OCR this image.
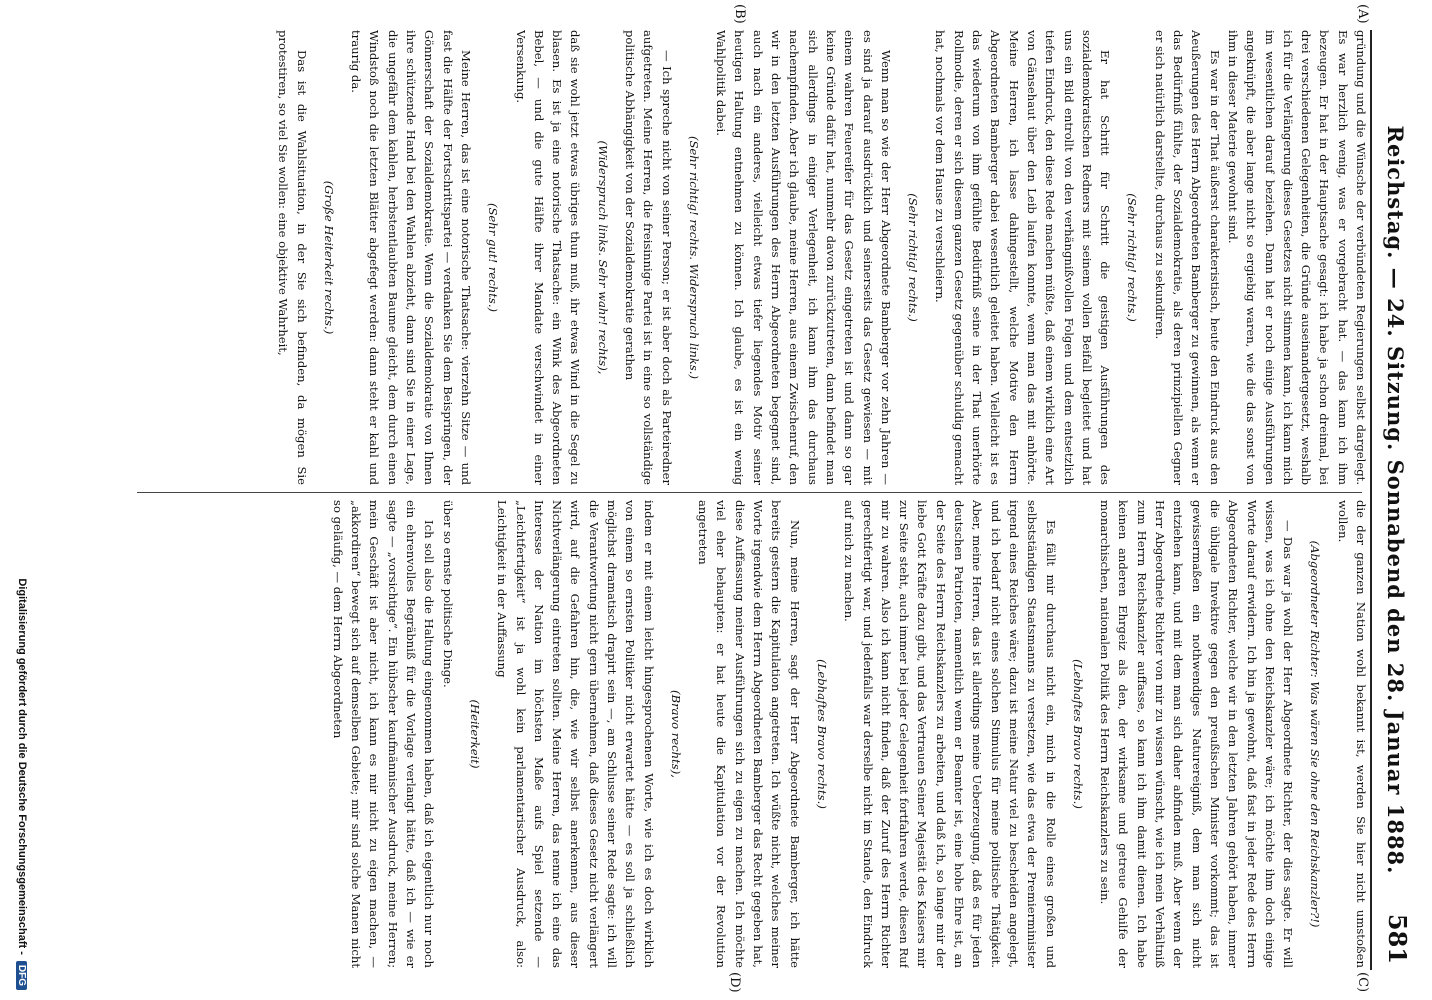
Reichstag. — 24. Sitzung. Sonnabend den 28. Januar 1888.
581
(A)
(B)
(C)
(D)

gründung und die Wünsche der verbündeten Regierungen selbst dargelegt. Es war herzlich wenig, was er vorgebracht hat. — das kann ich ihm bezeugen. Er hat in der Hauptsache gesagt: ich habe ja schon dreimal, bei drei verschiedenen Gelegenheiten, die Gründe auseinandergesetzt, weshalb ich für die Verlängerung dieses Gesetzes nicht stimmen kann, ich kann mich im wesentlichen darauf beziehen. Dann hat er noch einige Ausführungen angeknüpft, die aber lange nicht so ergiebig waren, wie die das sonst von ihm in dieser Materie gewohnt sind.

Es war in der That äußerst charakteristisch, heute den Eindruck aus den Aeußerungen des Herrn Abgeordneten Bamberger zu gewinnen, als wenn er das Bedürfniß fühlte, der Sozialdemokratie, als deren prinzipiellen Gegner er sich natürlich darstellte, durchaus zu sekundiren.

(Sehr richtig! rechts.)

Er hat Schritt für Schritt die geistigen Ausführungen des sozialdemokratischen Redners mit seinem vollen Beifall begleitet und hat uns ein Bild entrollt von den verhängnißvollen Folgen und dem entsetzlich tiefen Eindruck, den diese Rede machen müßte, daß einem wirklich eine Art von Gänsehaut über den Leib laufen konnte, wenn man das mit anhörte. Meine Herren, ich lasse dahingestellt, welche Motive den Herrn Abgeordneten Bamberger dabei wesentlich geleitet haben. Vielleicht ist es das wiederum von ihm gefühlte Bedürfniß seine in der That unerhörte Rollmodie, deren er sich diesem ganzen Gesetz gegenüber schuldig gemacht hat, nochmals vor dem Hause zu verschleiern.

(Sehr richtig! rechts.)

Wenn man so wie der Herr Abgeordnete Bamberger vor zehn Jahren — es sind ja darauf ausdrücklich und seinerseits das Gesetz gewiesen — mit einem wahren Feuereifer für das Gesetz eingetreten ist und dann so gar keine Gründe dafür hat, nunmehr davon zurückzutreten, dann befindet man sich allerdings in einiger Verlegenheit, ich kann ihm das durchaus nachempfinden. Aber ich glaube, meine Herren, aus einem Zwischenruf, den wir in den letzten Ausführungen des Herrn Abgeordneten begegnet sind, auch nach ein anderes, vielleicht etwas tiefer liegendes Motiv seiner heutigen Haltung entnehmen zu können. Ich glaube, es ist ein wenig Wahlpolitik dabei.

(Sehr richtig! rechts. Widerspruch links.)

— Ich spreche nicht von seiner Person; er ist aber doch als Parteiredner aufgetreten. Meine Herren, die freisinnige Partei ist in eine so vollständige politische Abhängigkeit von der Sozialdemokratie gerathen

(Widerspruch links. Sehr wahr! rechts),

daß sie wohl jetzt etwas übriges thun muß, ihr etwas Wind in die Segel zu blasen. Es ist ja eine notorische Thatsache: ein Wink des Abgeordneten Bebel, — und die gute Hälfte ihrer Mandate verschwindet in einer Versenkung.

(Sehr gut! rechts.)

Meine Herren, das ist eine notorische Thatsache: vierzehn Sitze — und fast die Hälfte der Fortschrittspartei — verdanken Sie dem Beispringen, der Gönnerschaft der Sozialdemokratie. Wenn die Sozialdemokratie von Ihnen ihre schützende Hand bei den Wahlen abzieht, dann sind Sie in einer Lage, die ungefähr dem kahlen, herbstentlaubten Baume gleicht, dem durch einen Windstoß noch die letzten Blätter abgefegt werden: dann steht er kahl und traurig da.

(Große Heiterkeit rechts.)

Das ist die Wahlsituation, in der Sie sich befinden, da mögen Sie protestiren, so viel Sie wollen: eine objektive Wahrheit,

die der ganzen Nation wohl bekannt ist, werden Sie hier nicht umstoßen wollen.

(Abgeordneter Richter: Was wären Sie ohne den Reichskanzler?!)

— Das war ja wohl der Herr Abgeordnete Richter, der dies sagte. Er will wissen, was ich ohne den Reichskanzler wäre; ich möchte ihm doch einige Worte darauf erwidern. Ich bin ja gewohnt, daß fast in jeder Rede des Herrn Abgeordneten Richter, welche wir in den letzten Jahren gehört haben, immer die übligale Invektive gegen den preußischen Minister vorkommt; das ist gewissermaßen ein nothwendiges Naturereigniß, dem man sich nicht entziehen kann, und mit dem man sich daher abfinden muß. Aber wenn der Herr Abgeordnete Richter von mir zu wissen wünscht, wie ich mein Verhältniß zum Herrn Reichskanzler auffasse, so kann ich ihm damit dienen. Ich habe keinen anderen Ehrgeiz als den, der wirksame und getreue Gehilfe der monarchischen, nationalen Politik des Herrn Reichskanzlers zu sein.

(Lebhaftes Bravo rechts.)

Es fällt mir durchaus nicht ein, mich in die Rolle eines großen und selbstständigen Staatsmanns zu versetzen, wie das etwa der Premierminister irgend eines Reiches wäre; dazu ist meine Natur viel zu bescheiden angelegt, und ich bedarf nicht eines solchen Stimulus für meine politische Thätigkeit. Aber, meine Herren, das ist allerdings meine Ueberzeugung, daß es für jeden deutschen Patrioten, namentlich wenn er Beamter ist, eine hohe Ehre ist, an der Seite des Herrn Reichskanzlers zu arbeiten, und daß ich, so lange mir der liebe Gott Kräfte dazu gibt, und das Vertrauen Seiner Majestät des Kaisers mir zur Seite steht, auch immer bei jeder Gelegenheit fortfahren werde, diesen Ruf mir zu wahren. Also ich kann nicht finden, daß der Zuruf des Herrn Richter gerechtfertigt war, und jedenfalls war derselbe nicht im Stande, den Eindruck auf mich zu machen.

(Lebhaftes Bravo rechts.)

Nun, meine Herren, sagt der Herr Abgeordnete Bamberger, ich hätte bereits gestern die Kapitulation angetreten. Ich wüßte nicht, welches meiner Worte irgendwie dem Herrn Abgeordneten Bamberger das Recht gegeben hat, diese Auffassung meiner Ausführungen sich zu eigen zu machen. Ich möchte viel eher behaupten: er hat heute die Kapitulation vor der Revolution angetreten

(Bravo rechts),

indem er mit einem leicht hingesprochenen Worte, wie ich es doch wirklich von einem so ernsten Politiker nicht erwartet hätte — es soll ja schließlich möglichst dramatisch drapirt sein —, am Schlusse seiner Rede sagte: ich will die Verantwortung nicht gern übernehmen, daß dieses Gesetz nicht verlängert wird, auf die Gefahren hin, die, wie wir selbst anerkennen, aus dieser Nichtverlängerung eintreten sollten. Meine Herren, das nenne ich eine das Interesse der Nation im höchsten Maße aufs Spiel setzende — „Leichtfertigkeit“ ist ja wohl kein parlamentarischer Ausdruck, also: Leichtigkeit in der Auffassung

(Heiterkeit)

über so ernste politische Dinge.

Ich soll also die Haltung eingenommen haben, daß ich eigentlich nur noch ein ehrenvolles Begräbniß für die Vorlage verlangt hätte, daß ich — wie er sagte — „vorsichtige“. Ein hübscher kaufmännischer Ausdruck, meine Herren; mein Geschäft ist aber nicht, ich kann es mir nicht zu eigen machen, — „akkordiren“ bewegt sich auf demselben Gebiete; mir sind solche Manen nicht so geläufig, — dem Herrn Abgeordneten

Digitalisierung gefördert durch die Deutsche Forschungsgemeinschaft -DFG
